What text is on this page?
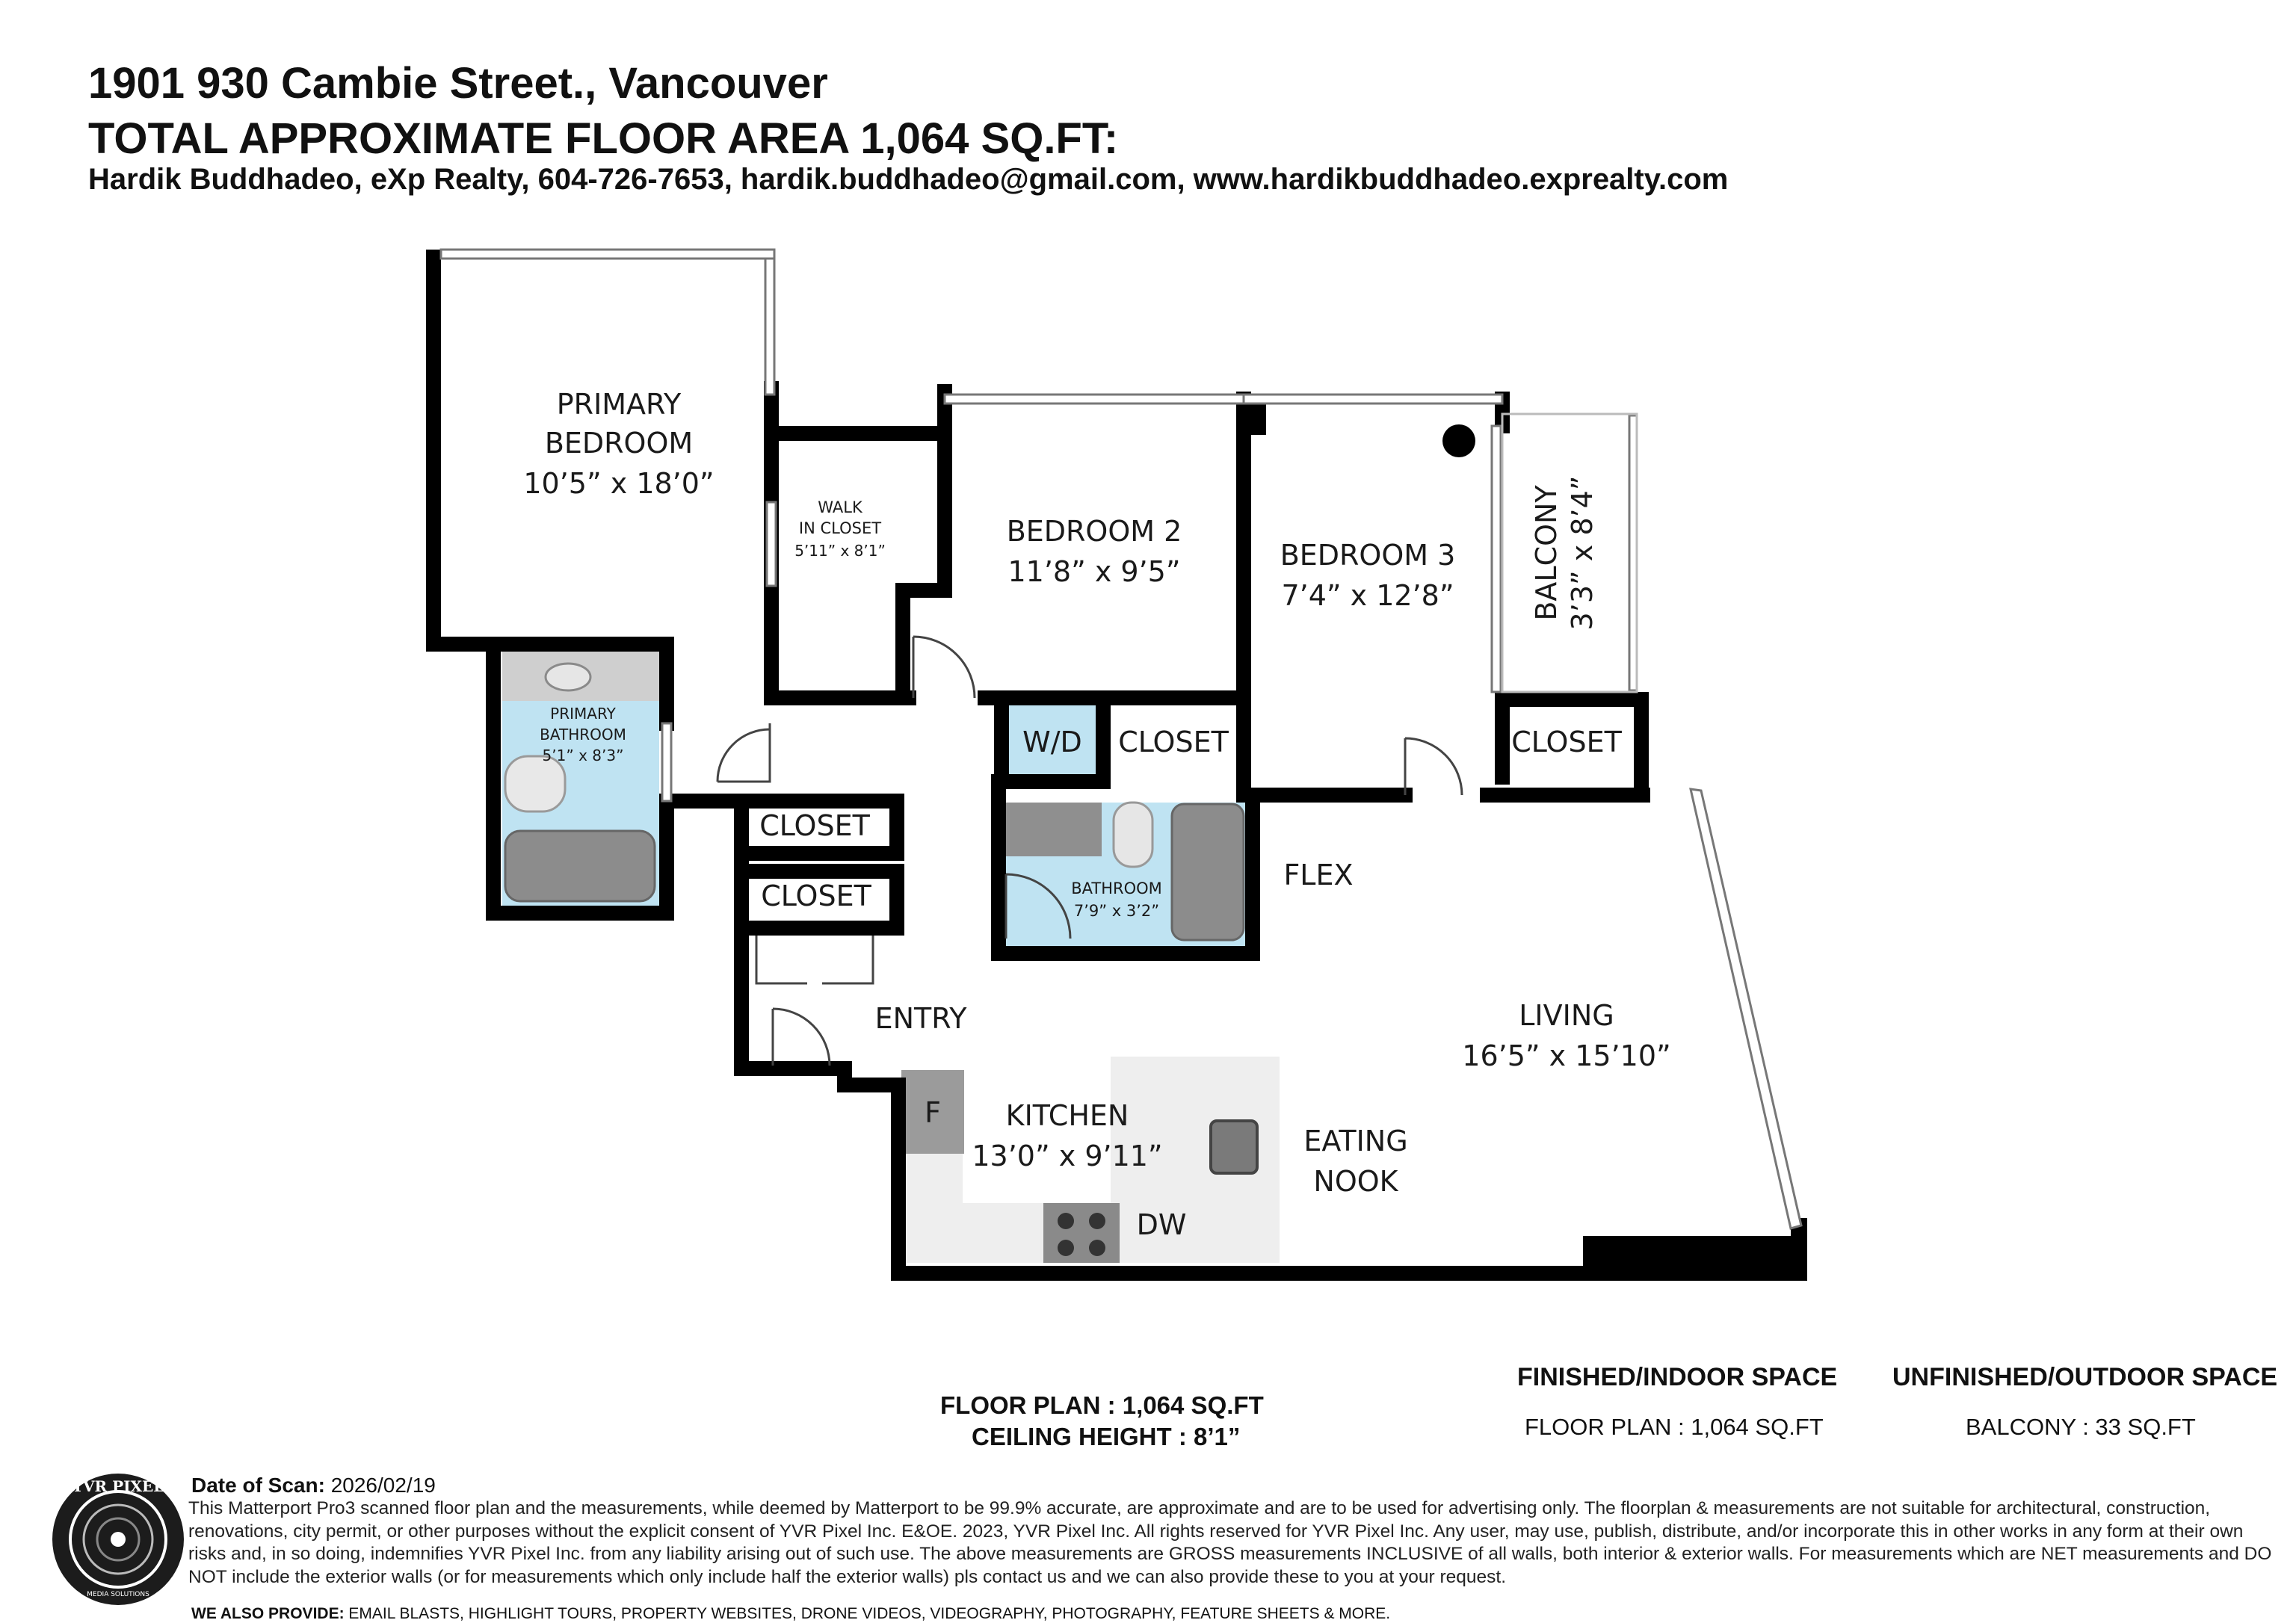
1901 930 Cambie Street., Vancouver
TOTAL APPROXIMATE FLOOR AREA 1,064 SQ.FT:
Hardik Buddhadeo, eXp Realty, 604-726-7653, hardik.buddhadeo@gmail.com, www.hardikbuddhadeo.exprealty.com
PRIMARY
BEDROOM
10’5” x 18’0”
WALK
IN CLOSET
5’11” x 8’1”
BEDROOM 2
11’8” x 9’5”	BEDROOM 3
7’4” x 12’8”	BALCONY 3’3” x 8’4”
PRIMARY
BATHROOM
5’1” x 8’3”	W/D CLOSET	CLOSET
CLOSET
CLOSET	BATHROOM
7’9” x 3’2”
FLEX
ENTRY	LIVING
16’5” x 15’10”
KITCHEN
13’0” x 9’11”	EATING
NOOK
F
DW
YVR PIXEL
MEDIA SOLUTIONS
FLOOR PLAN : 1,064 SQ.FT
CEILING HEIGHT : 8’1”
FINISHED/INDOOR SPACE
FLOOR PLAN : 1,064 SQ.FT
UNFINISHED/OUTDOOR SPACE
BALCONY : 33 SQ.FT
Date of Scan: 2026/02/19
This Matterport Pro3 scanned floor plan and the measurements, while deemed by Matterport to be 99.9% accurate, are approximate and are to be used for advertising only. The floorplan & measurements are not suitable for architectural, construction, renovations, city permit, or other purposes without the explicit consent of YVR Pixel Inc. E&OE. 2023, YVR Pixel Inc. All rights reserved for YVR Pixel Inc. Any user, may use, publish, distribute, and/or incorporate this in other works in any form at their own risks and, in so doing, indemnifies YVR Pixel Inc. from any liability arising out of such use. The above measurements are GROSS measurements INCLUSIVE of all walls, both interior & exterior walls. For measurements which are NET measurements and DO NOT include the exterior walls (or for measurements which only include half the exterior walls) pls contact us and we can also provide these to you at your request.
WE ALSO PROVIDE: EMAIL BLASTS, HIGHLIGHT TOURS, PROPERTY WEBSITES, DRONE VIDEOS, VIDEOGRAPHY, PHOTOGRAPHY, FEATURE SHEETS & MORE.
